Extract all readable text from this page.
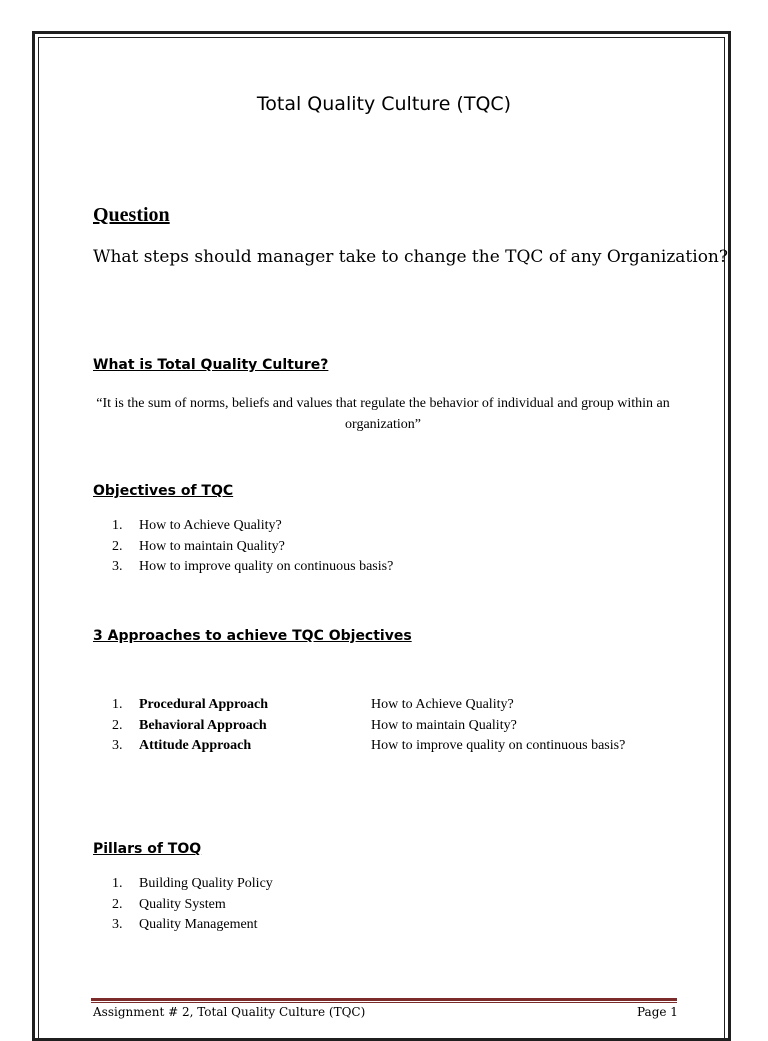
Total Quality Culture (TQC)
Question
What steps should manager take to change the TQC of any Organization?
What is Total Quality Culture?
“It is the sum of norms, beliefs and values that regulate the behavior of individual and group within an organization”
Objectives of TQC
1. How to Achieve Quality?
2. How to maintain Quality?
3. How to improve quality on continuous basis?
3 Approaches to achieve TQC Objectives
1. Procedural Approach	How to Achieve Quality?
2. Behavioral Approach	How to maintain Quality?
3. Attitude Approach	How to improve quality on continuous basis?
Pillars of TOQ
1. Building Quality Policy
2. Quality System
3. Quality Management
Assignment # 2, Total Quality Culture (TQC)	Page 1
